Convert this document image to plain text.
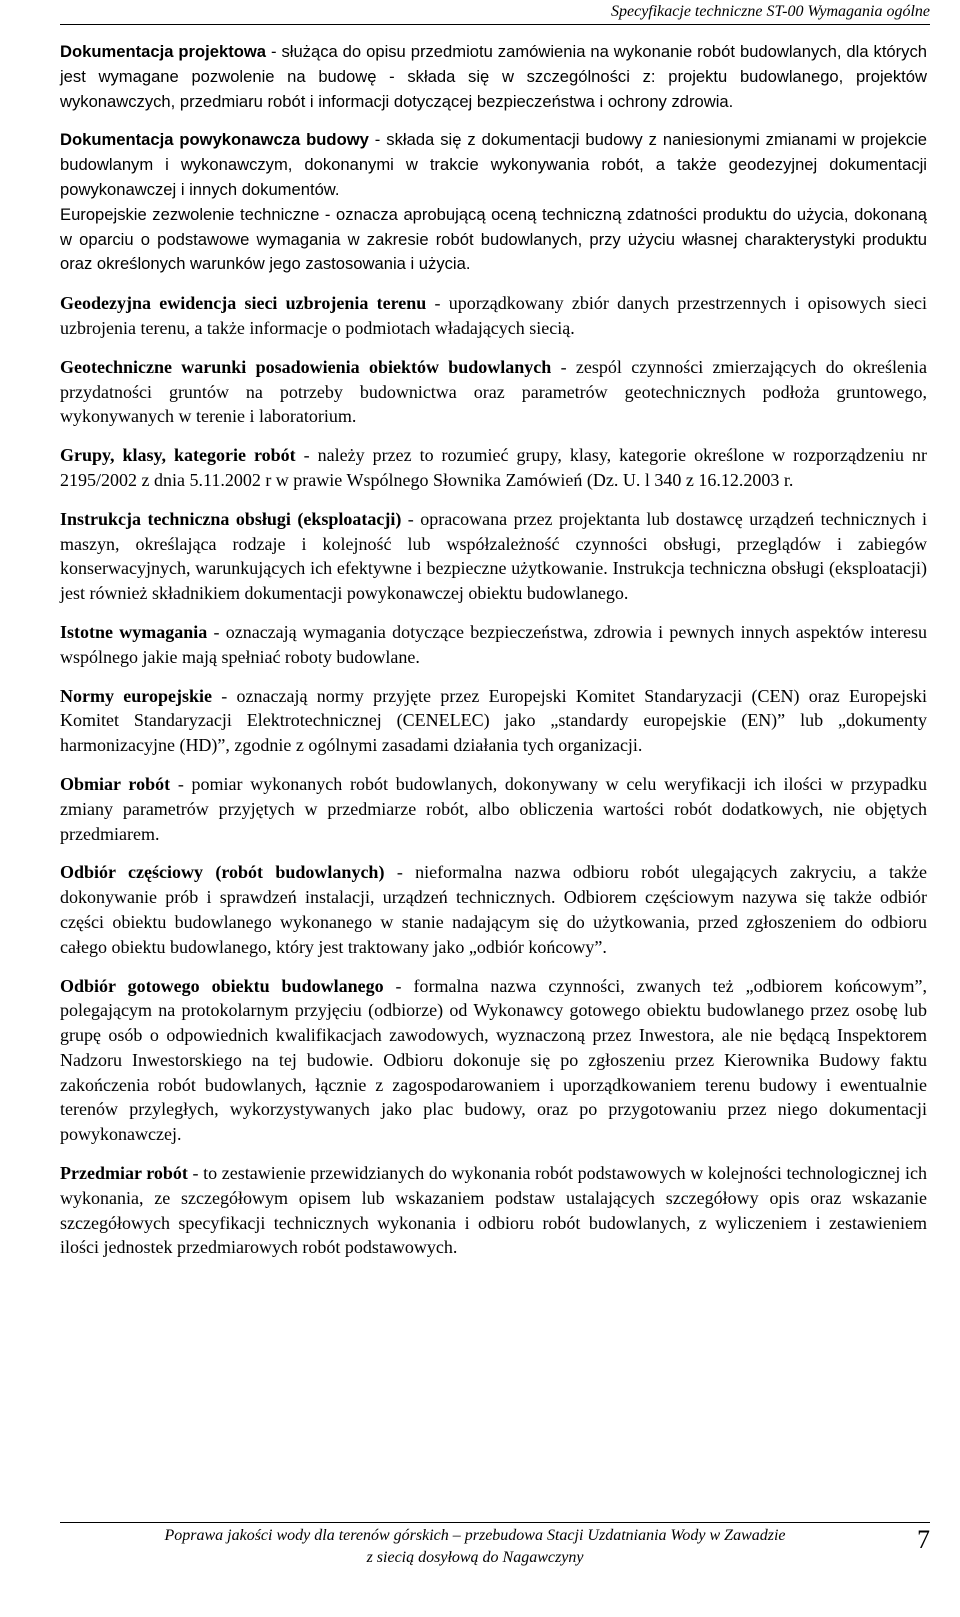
Specyfikacje techniczne ST-00 Wymagania ogólne

Dokumentacja projektowa - służąca do opisu przedmiotu zamówienia na wykonanie robót budowlanych, dla których jest wymagane pozwolenie na budowę - składa się w szczególności z: projektu budowlanego, projektów wykonawczych, przedmiaru robót i informacji dotyczącej bezpieczeństwa i ochrony zdrowia.

Dokumentacja powykonawcza budowy - składa się z dokumentacji budowy z naniesionymi zmianami w projekcie budowlanym i wykonawczym, dokonanymi w trakcie wykonywania robót, a także geodezyjnej dokumentacji powykonawczej i innych dokumentów.

Europejskie zezwolenie techniczne - oznacza aprobującą oceną techniczną zdatności produktu do użycia, dokonaną w oparciu o podstawowe wymagania w zakresie robót budowlanych, przy użyciu własnej charakterystyki produktu oraz określonych warunków jego zastosowania i użycia.

Geodezyjna ewidencja sieci uzbrojenia terenu - uporządkowany zbiór danych przestrzennych i opisowych sieci uzbrojenia terenu, a także informacje o podmiotach władających siecią.

Geotechniczne warunki posadowienia obiektów budowlanych - zespól czynności zmierzających do określenia przydatności gruntów na potrzeby budownictwa oraz parametrów geotechnicznych podłoża gruntowego, wykonywanych w terenie i laboratorium.

Grupy, klasy, kategorie robót - należy przez to rozumieć grupy, klasy, kategorie określone w rozporządzeniu nr 2195/2002 z dnia 5.11.2002 r w prawie Wspólnego Słownika Zamówień (Dz. U. l 340 z 16.12.2003 r.

Instrukcja techniczna obsługi (eksploatacji) - opracowana przez projektanta lub dostawcę urządzeń technicznych i maszyn, określająca rodzaje i kolejność lub współzależność czynności obsługi, przeglądów i zabiegów konserwacyjnych, warunkujących ich efektywne i bezpieczne użytkowanie. Instrukcja techniczna obsługi (eksploatacji) jest również składnikiem dokumentacji powykonawczej obiektu budowlanego.

Istotne wymagania - oznaczają wymagania dotyczące bezpieczeństwa, zdrowia i pewnych innych aspektów interesu wspólnego jakie mają spełniać roboty budowlane.

Normy europejskie - oznaczają normy przyjęte przez Europejski Komitet Standaryzacji (CEN) oraz Europejski Komitet Standaryzacji Elektrotechnicznej (CENELEC) jako „standardy europejskie (EN)” lub „dokumenty harmonizacyjne (HD)”, zgodnie z ogólnymi zasadami działania tych organizacji.

Obmiar robót - pomiar wykonanych robót budowlanych, dokonywany w celu weryfikacji ich ilości w przypadku zmiany parametrów przyjętych w przedmiarze robót, albo obliczenia wartości robót dodatkowych, nie objętych przedmiarem.

Odbiór częściowy (robót budowlanych) - nieformalna nazwa odbioru robót ulegających zakryciu, a także dokonywanie prób i sprawdzeń instalacji, urządzeń technicznych. Odbiorem częściowym nazywa się także odbiór części obiektu budowlanego wykonanego w stanie nadającym się do użytkowania, przed zgłoszeniem do odbioru całego obiektu budowlanego, który jest traktowany jako „odbiór końcowy”.

Odbiór gotowego obiektu budowlanego - formalna nazwa czynności, zwanych też „odbiorem końcowym”, polegającym na protokolarnym przyjęciu (odbiorze) od Wykonawcy gotowego obiektu budowlanego przez osobę lub grupę osób o odpowiednich kwalifikacjach zawodowych, wyznaczoną przez Inwestora, ale nie będącą Inspektorem Nadzoru Inwestorskiego na tej budowie. Odbioru dokonuje się po zgłoszeniu przez Kierownika Budowy faktu zakończenia robót budowlanych, łącznie z zagospodarowaniem i uporządkowaniem terenu budowy i ewentualnie terenów przyległych, wykorzystywanych jako plac budowy, oraz po przygotowaniu przez niego dokumentacji powykonawczej.

Przedmiar robót - to zestawienie przewidzianych do wykonania robót podstawowych w kolejności technologicznej ich wykonania, ze szczegółowym opisem lub wskazaniem podstaw ustalających szczegółowy opis oraz wskazanie szczegółowych specyfikacji technicznych wykonania i odbioru robót budowlanych, z wyliczeniem i zestawieniem ilości jednostek przedmiarowych robót podstawowych.

Poprawa jakości wody dla terenów górskich – przebudowa Stacji Uzdatniania Wody w Zawadzie
z siecią dosyłową do Nagawczyny
7
